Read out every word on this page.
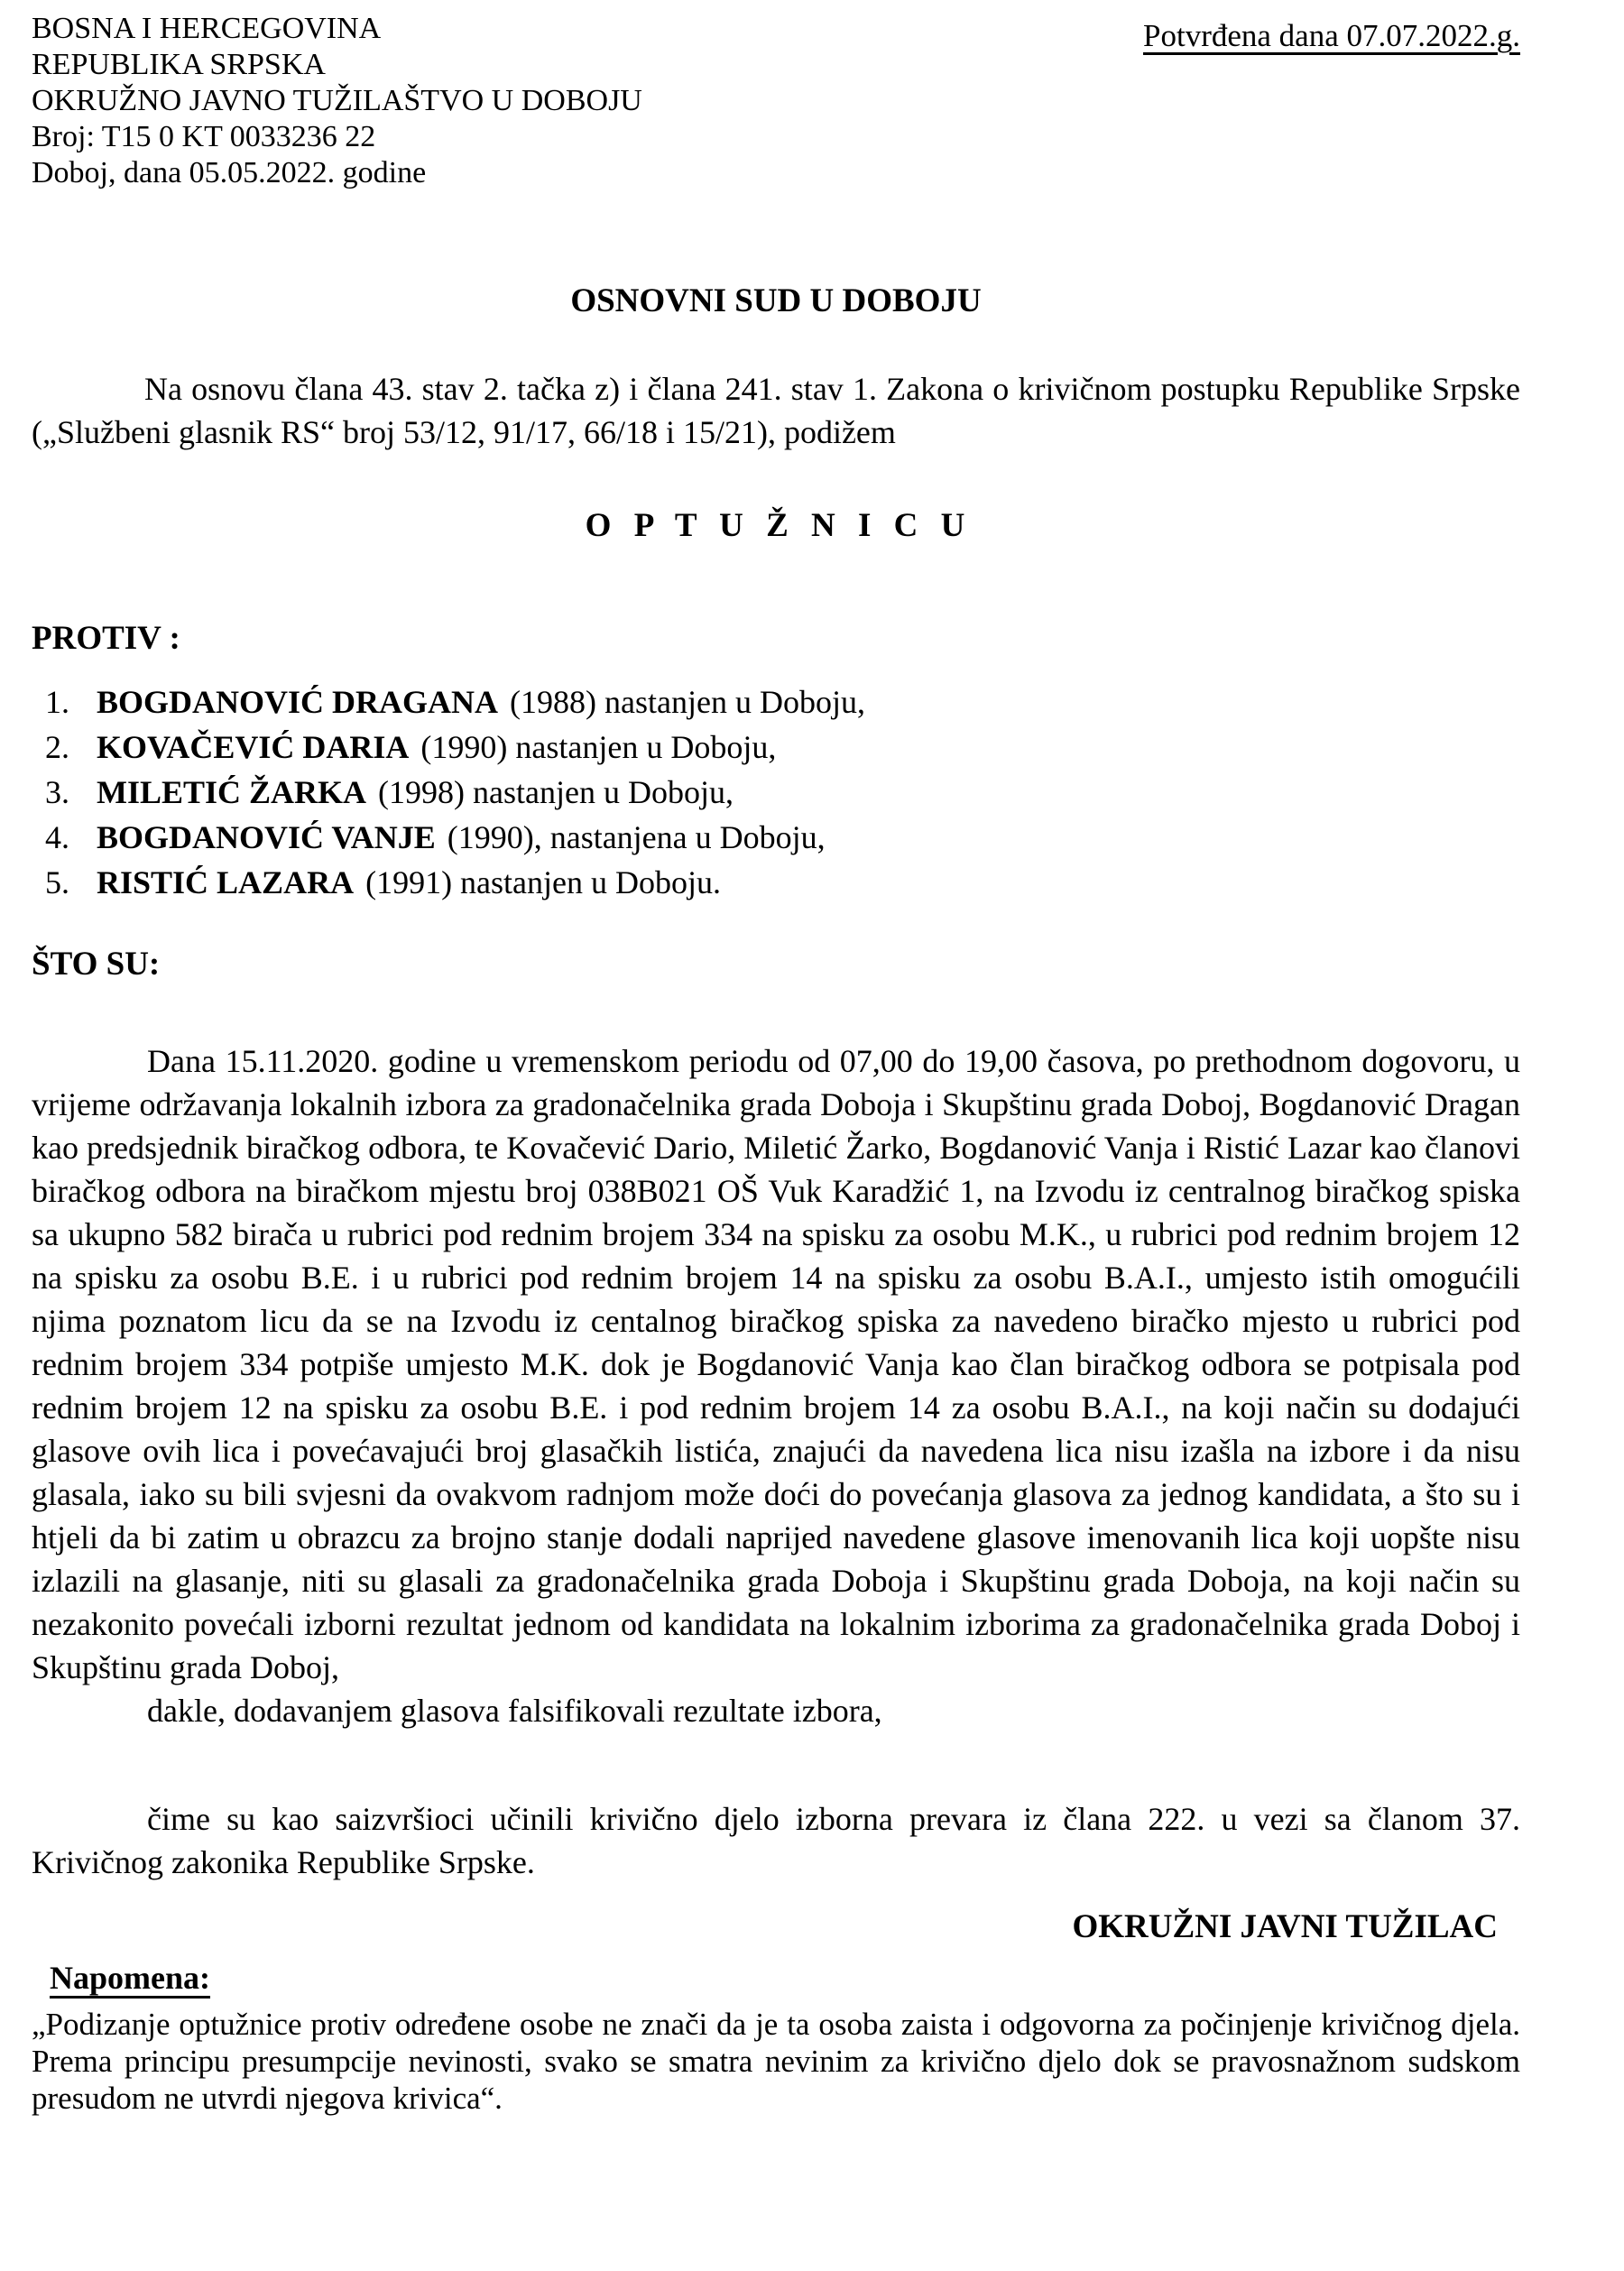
BOSNA I HERCEGOVINA
REPUBLIKA SRPSKA
OKRUŽNO JAVNO TUŽILAŠTVO U DOBOJU
Broj: T15 0 KT 0033236 22
Doboj, dana 05.05.2022. godine
Potvrđena dana 07.07.2022.g.
OSNOVNI SUD U DOBOJU
Na osnovu člana 43. stav 2. tačka z) i člana 241. stav 1. Zakona o krivičnom postupku Republike Srpske („Službeni glasnik RS“ broj 53/12, 91/17, 66/18 i 15/21), podižem
O P T U Ž N I C U
PROTIV :
1. BOGDANOVIĆ DRAGANA (1988) nastanjen u Doboju,
2. KOVAČEVIĆ DARIA (1990) nastanjen u Doboju,
3. MILETIĆ ŽARKA (1998) nastanjen u Doboju,
4. BOGDANOVIĆ VANJE (1990), nastanjena u Doboju,
5. RISTIĆ LAZARA (1991) nastanjen u Doboju.
ŠTO SU:
Dana 15.11.2020. godine u vremenskom periodu od 07,00 do 19,00 časova, po prethodnom dogovoru, u vrijeme održavanja lokalnih izbora za gradonačelnika grada Doboja i Skupštinu grada Doboj, Bogdanović Dragan kao predsjednik biračkog odbora, te Kovačević Dario, Miletić Žarko, Bogdanović Vanja i Ristić Lazar kao članovi biračkog odbora na biračkom mjestu broj 038B021 OŠ Vuk Karadžić 1, na Izvodu iz centralnog biračkog spiska sa ukupno 582 birača u rubrici pod rednim brojem 334 na spisku za osobu M.K., u rubrici pod rednim brojem 12 na spisku za osobu B.E. i u rubrici pod rednim brojem 14 na spisku za osobu B.A.I., umjesto istih omogućili njima poznatom licu da se na Izvodu iz centalnog biračkog spiska za navedeno biračko mjesto u rubrici pod rednim brojem 334 potpiše umjesto M.K. dok je Bogdanović Vanja kao član biračkog odbora se potpisala pod rednim brojem 12 na spisku za osobu B.E. i pod rednim brojem 14 za osobu B.A.I., na koji način su dodajući glasove ovih lica i povećavajući broj glasačkih listića, znajući da navedena lica nisu izašla na izbore i da nisu glasala, iako su bili svjesni da ovakvom radnjom može doći do povećanja glasova za jednog kandidata, a što su i htjeli da bi zatim u obrazcu za brojno stanje dodali naprijed navedene glasove imenovanih lica koji uopšte nisu izlazili na glasanje, niti su glasali za gradonačelnika grada Doboja i Skupštinu grada Doboja, na koji način su nezakonito povećali izborni rezultat jednom od kandidata na lokalnim izborima za gradonačelnika grada Doboj i Skupštinu grada Doboj,
dakle, dodavanjem glasova falsifikovali rezultate izbora,
čime su kao saizvršioci učinili krivično djelo izborna prevara iz člana 222. u vezi sa članom 37. Krivičnog zakonika Republike Srpske.
OKRUŽNI JAVNI TUŽILAC
Napomena:
„Podizanje optužnice protiv određene osobe ne znači da je ta osoba zaista i odgovorna za počinjenje krivičnog djela. Prema principu presumpcije nevinosti, svako se smatra nevinim za krivično djelo dok se pravosnažnom sudskom presudom ne utvrdi njegova krivica“.
